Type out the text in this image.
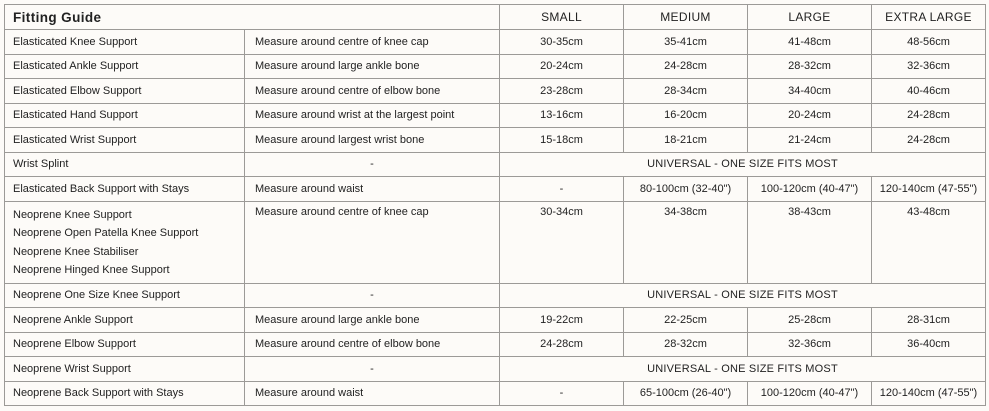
Fitting Guide		SMALL	MEDIUM	LARGE	EXTRA LARGE
Elasticated Knee Support	Measure around centre of knee cap	30-35cm	35-41cm	41-48cm	48-56cm
Elasticated Ankle Support	Measure around large ankle bone	20-24cm	24-28cm	28-32cm	32-36cm
Elasticated Elbow Support	Measure around centre of elbow bone	23-28cm	28-34cm	34-40cm	40-46cm
Elasticated Hand Support	Measure around wrist at the largest point	13-16cm	16-20cm	20-24cm	24-28cm
Elasticated Wrist Support	Measure around largest wrist bone	15-18cm	18-21cm	21-24cm	24-28cm
Wrist Splint	-	UNIVERSAL - ONE SIZE FITS MOST			
Elasticated Back Support with Stays	Measure around waist	-	80-100cm (32-40")	100-120cm (40-47")	120-140cm (47-55")

Neoprene Knee Support
Neoprene Open Patella Knee Support
Neoprene Knee Stabiliser
Neoprene Hinged Knee Support	Measure around centre of knee cap	30-34cm	34-38cm	38-43cm	43-48cm
Neoprene One Size Knee Support	-	UNIVERSAL - ONE SIZE FITS MOST			
Neoprene Ankle Support	Measure around large ankle bone	19-22cm	22-25cm	25-28cm	28-31cm
Neoprene Elbow Support	Measure around centre of elbow bone	24-28cm	28-32cm	32-36cm	36-40cm
Neoprene Wrist Support	-	UNIVERSAL - ONE SIZE FITS MOST			
Neoprene Back Support with Stays	Measure around waist	-	65-100cm (26-40")	100-120cm (40-47")	120-140cm (47-55")
